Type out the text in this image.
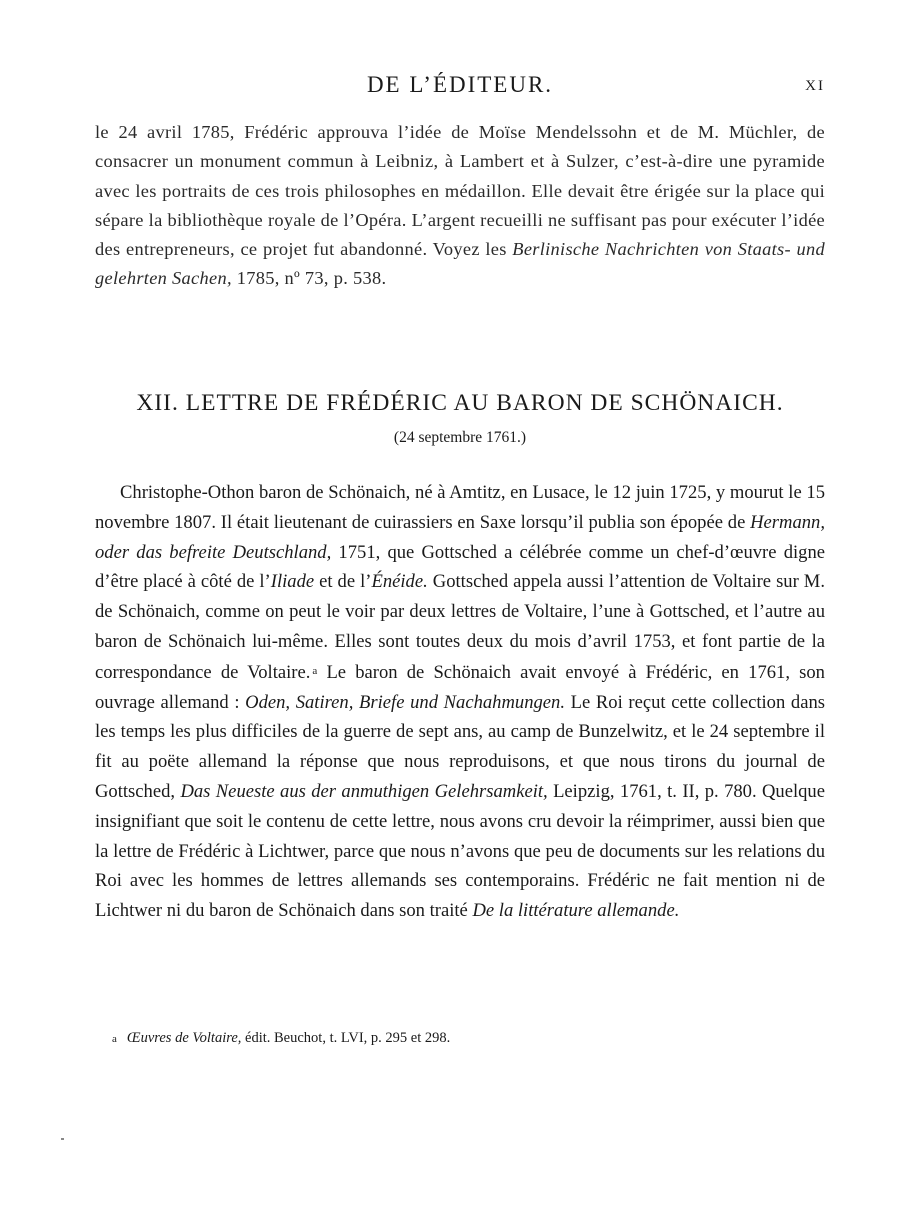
DE L’ÉDITEUR.	XI
le 24 avril 1785, Frédéric approuva l’idée de Moïse Mendelssohn et de M. Müchler, de consacrer un monument commun à Leibniz, à Lambert et à Sulzer, c’est-à-dire une pyramide avec les portraits de ces trois philosophes en médaillon. Elle devait être érigée sur la place qui sépare la bibliothèque royale de l’Opéra. L’argent recueilli ne suffisant pas pour exécuter l’idée des entrepreneurs, ce projet fut abandonné. Voyez les Berlinische Nachrichten von Staats- und gelehrten Sachen, 1785, nº 73, p. 538.
XII. LETTRE DE FRÉDÉRIC AU BARON DE SCHÖNAICH.
(24 septembre 1761.)
Christophe-Othon baron de Schönaich, né à Amtitz, en Lusace, le 12 juin 1725, y mourut le 15 novembre 1807. Il était lieutenant de cuirassiers en Saxe lorsqu’il publia son épopée de Hermann, oder das befreite Deutschland, 1751, que Gottsched a célébrée comme un chef-d’œuvre digne d’être placé à côté de l’Iliade et de l’Énéide. Gottsched appela aussi l’attention de Voltaire sur M. de Schönaich, comme on peut le voir par deux lettres de Voltaire, l’une à Gottsched, et l’autre au baron de Schönaich lui-même. Elles sont toutes deux du mois d’avril 1753, et font partie de la correspondance de Voltaire. $^a$ Le baron de Schönaich avait envoyé à Frédéric, en 1761, son ouvrage allemand : Oden, Satiren, Briefe und Nachahmungen. Le Roi reçut cette collection dans les temps les plus difficiles de la guerre de sept ans, au camp de Bunzelwitz, et le 24 septembre il fit au poëte allemand la réponse que nous reproduisons, et que nous tirons du journal de Gottsched, Das Neueste aus der anmuthigen Gelehrsamkeit, Leipzig, 1761, t. II, p. 780. Quelque insignifiant que soit le contenu de cette lettre, nous avons cru devoir la réimprimer, aussi bien que la lettre de Frédéric à Lichtwer, parce que nous n’avons que peu de documents sur les relations du Roi avec les hommes de lettres allemands ses contemporains. Frédéric ne fait mention ni de Lichtwer ni du baron de Schönaich dans son traité De la littérature allemande.
a Œuvres de Voltaire, édit. Beuchot, t. LVI, p. 295 et 298.
